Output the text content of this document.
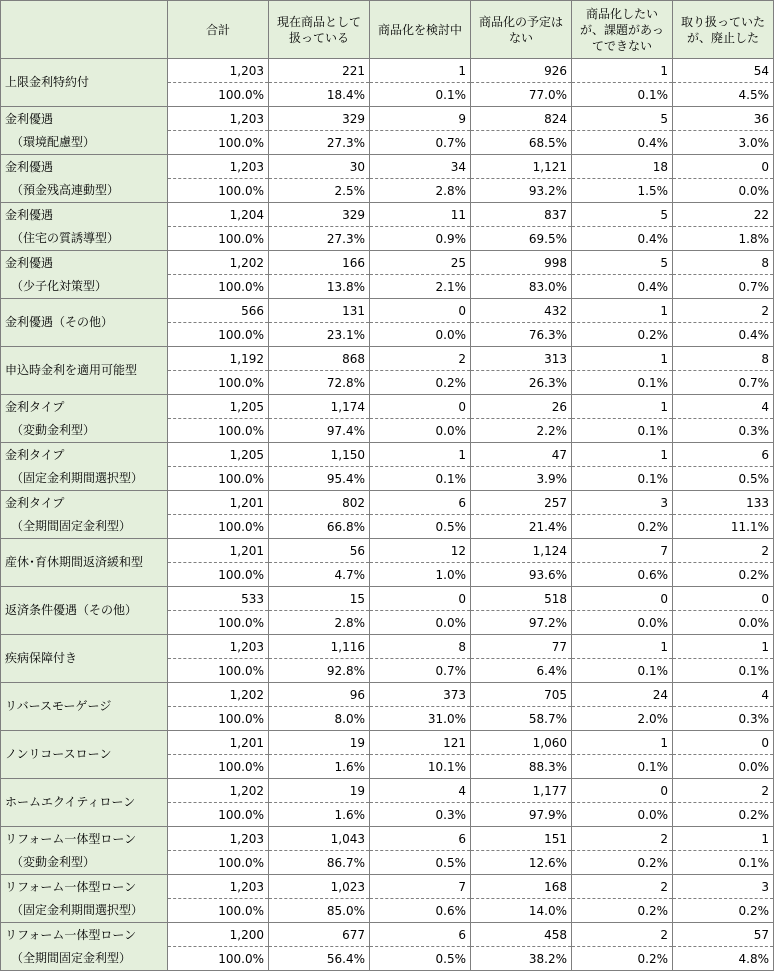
	合計	現在商品として扱っている	商品化を検討中	商品化の予定はない	商品化したいが、課題があってできない	取り扱っていたが、廃止した
上限金利特約付	1,203	221	1	926	1	54
	100.0%	18.4%	0.1%	77.0%	0.1%	4.5%
金利優遇
（環境配慮型）	1,203	329	9	824	5	36
	100.0%	27.3%	0.7%	68.5%	0.4%	3.0%
金利優遇
（預金残高連動型）	1,203	30	34	1,121	18	0
	100.0%	2.5%	2.8%	93.2%	1.5%	0.0%
金利優遇
（住宅の質誘導型）	1,204	329	11	837	5	22
	100.0%	27.3%	0.9%	69.5%	0.4%	1.8%
金利優遇
（少子化対策型）	1,202	166	25	998	5	8
	100.0%	13.8%	2.1%	83.0%	0.4%	0.7%
金利優遇（その他）	566	131	0	432	1	2
	100.0%	23.1%	0.0%	76.3%	0.2%	0.4%
申込時金利を適用可能型	1,192	868	2	313	1	8
	100.0%	72.8%	0.2%	26.3%	0.1%	0.7%
金利タイプ
（変動金利型）	1,205	1,174	0	26	1	4
	100.0%	97.4%	0.0%	2.2%	0.1%	0.3%
金利タイプ
（固定金利期間選択型）	1,205	1,150	1	47	1	6
	100.0%	95.4%	0.1%	3.9%	0.1%	0.5%
金利タイプ
（全期間固定金利型）	1,201	802	6	257	3	133
	100.0%	66.8%	0.5%	21.4%	0.2%	11.1%
産休･育休期間返済緩和型	1,201	56	12	1,124	7	2
	100.0%	4.7%	1.0%	93.6%	0.6%	0.2%
返済条件優遇（その他）	533	15	0	518	0	0
	100.0%	2.8%	0.0%	97.2%	0.0%	0.0%
疾病保障付き	1,203	1,116	8	77	1	1
	100.0%	92.8%	0.7%	6.4%	0.1%	0.1%
リバースモーゲージ	1,202	96	373	705	24	4
	100.0%	8.0%	31.0%	58.7%	2.0%	0.3%
ノンリコースローン	1,201	19	121	1,060	1	0
	100.0%	1.6%	10.1%	88.3%	0.1%	0.0%
ホームエクイティローン	1,202	19	4	1,177	0	2
	100.0%	1.6%	0.3%	97.9%	0.0%	0.2%
リフォーム一体型ローン
（変動金利型）	1,203	1,043	6	151	2	1
	100.0%	86.7%	0.5%	12.6%	0.2%	0.1%
リフォーム一体型ローン
（固定金利期間選択型）	1,203	1,023	7	168	2	3
	100.0%	85.0%	0.6%	14.0%	0.2%	0.2%
リフォーム一体型ローン
（全期間固定金利型）	1,200	677	6	458	2	57
	100.0%	56.4%	0.5%	38.2%	0.2%	4.8%
